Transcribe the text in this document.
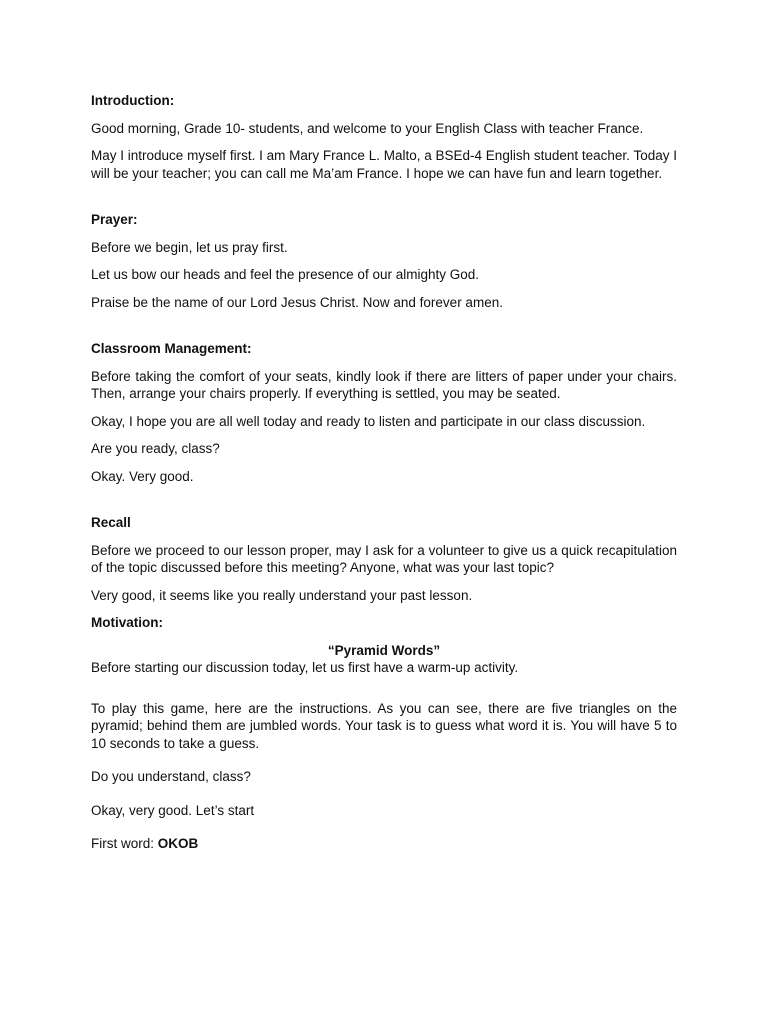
Introduction:
Good morning, Grade 10- students, and welcome to your English Class with teacher France.
May I introduce myself first. I am Mary France L. Malto, a BSEd-4 English student teacher. Today I will be your teacher; you can call me Ma’am France. I hope we can have fun and learn together.
Prayer:
Before we begin, let us pray first.
Let us bow our heads and feel the presence of our almighty God.
Praise be the name of our Lord Jesus Christ. Now and forever amen.
Classroom Management:
Before taking the comfort of your seats, kindly look if there are litters of paper under your chairs. Then, arrange your chairs properly. If everything is settled, you may be seated.
Okay, I hope you are all well today and ready to listen and participate in our class discussion.
Are you ready, class?
Okay. Very good.
Recall
Before we proceed to our lesson proper, may I ask for a volunteer to give us a quick recapitulation of the topic discussed before this meeting? Anyone, what was your last topic?
Very good, it seems like you really understand your past lesson.
Motivation:
“Pyramid Words”
Before starting our discussion today, let us first have a warm-up activity.
To play this game, here are the instructions. As you can see, there are five triangles on the pyramid; behind them are jumbled words. Your task is to guess what word it is. You will have 5 to 10 seconds to take a guess.
Do you understand, class?
Okay, very good. Let’s start
First word: OKOB
